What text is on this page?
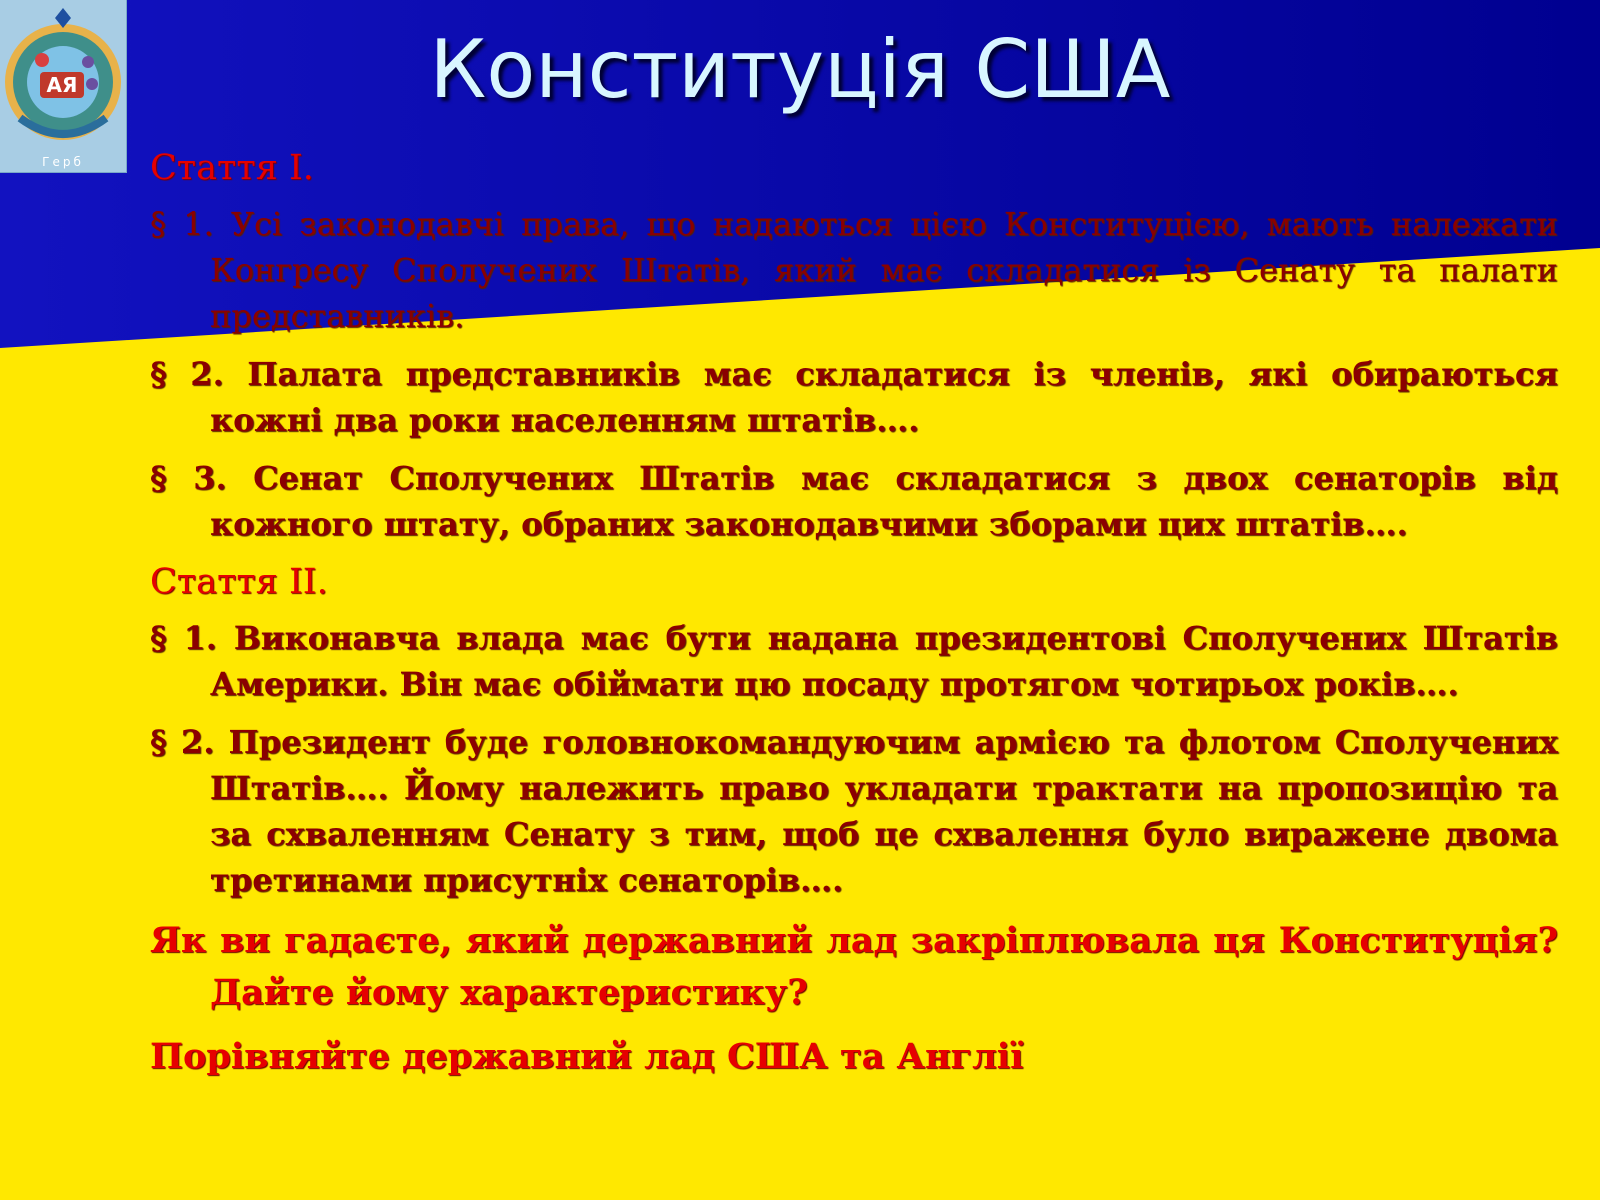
АЯ
Герб
Конституція США
Стаття І.
§ 1. Усі законодавчі права, що надаються цією Конституцією, мають належати Конгресу Сполучених Штатів, який має складатися із Сенату та палати представників.
§ 2. Палата представників має складатися із членів, які обираються кожні два роки населенням штатів….
§ 3. Сенат Сполучених Штатів має складатися з двох сенаторів від кожного штату, обраних законодавчими зборами цих штатів….
Стаття ІІ.
§ 1. Виконавча влада має бути надана президентові Сполучених Штатів Америки. Він має обіймати цю посаду протягом чотирьох років….
§ 2. Президент буде головнокомандуючим армією та флотом Сполучених Штатів…. Йому належить право укладати трактати на пропозицію та за схваленням Сенату з тим, щоб це схвалення було виражене двома третинами присутніх сенаторів….
Як ви гадаєте, який державний лад закріплювала ця Конституція? Дайте йому характеристику?
Порівняйте державний лад США та Англії
